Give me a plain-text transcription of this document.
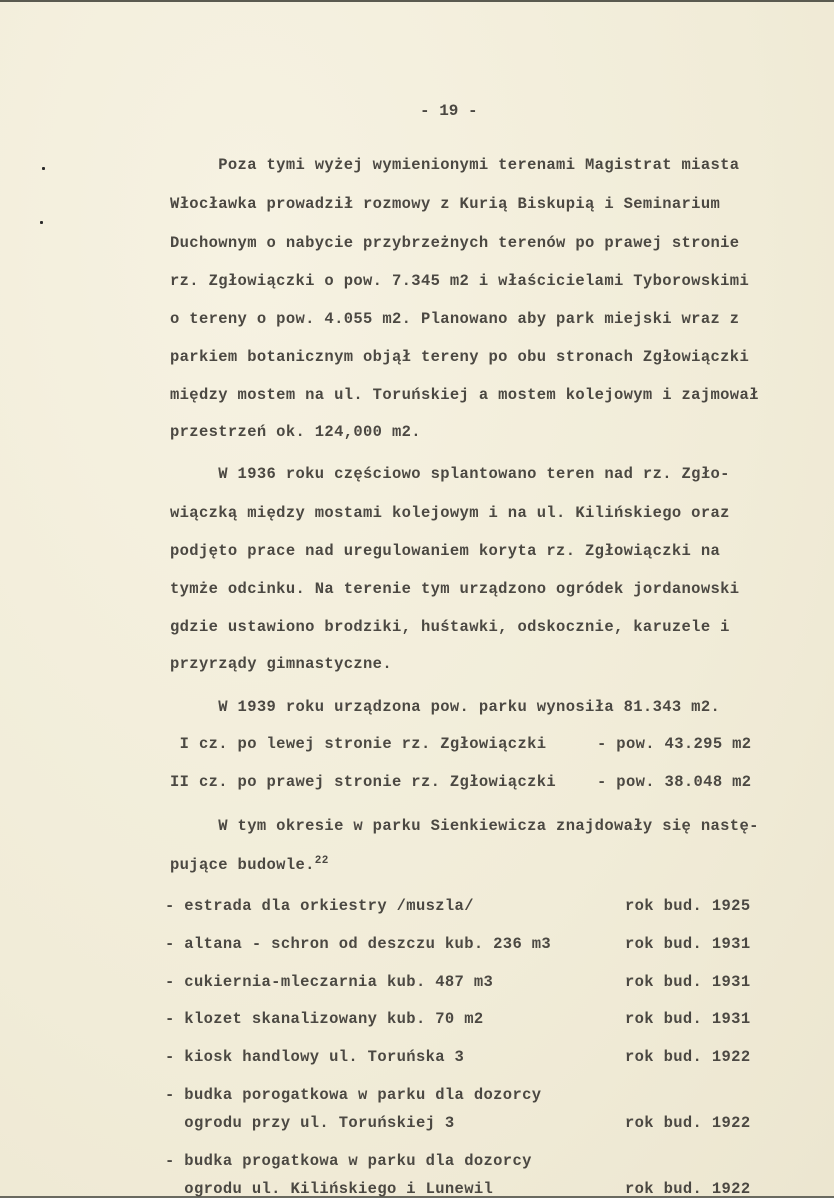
- 19 -
Poza tymi wyżej wymienionymi terenami Magistrat miasta
Włocławka prowadził rozmowy z Kurią Biskupią i Seminarium
Duchownym o nabycie przybrzeżnych terenów po prawej stronie
rz. Zgłowiączki o pow. 7.345 m2 i właścicielami Tyborowskimi
o tereny o pow. 4.055 m2. Planowano aby park miejski wraz z
parkiem botanicznym objął tereny po obu stronach Zgłowiączki
między mostem na ul. Toruńskiej a mostem kolejowym i zajmował
przestrzeń ok. 124,000 m2.
W 1936 roku częściowo splantowano teren nad rz. Zgło-
wiączką między mostami kolejowym i na ul. Kilińskiego oraz
podjęto prace nad uregulowaniem koryta rz. Zgłowiączki na
tymże odcinku. Na terenie tym urządzono ogródek jordanowski
gdzie ustawiono brodziki, huśtawki, odskocznie, karuzele i
przyrządy gimnastyczne.
W 1939 roku urządzona pow. parku wynosiła 81.343 m2.
I cz. po lewej stronie rz. Zgłowiączki	- pow. 43.295 m2
II cz. po prawej stronie rz. Zgłowiączki	- pow. 38.048 m2
W tym okresie w parku Sienkiewicza znajdowały się nastę-
pujące budowle.$^{22}$
- estrada dla orkiestry /muszla/	rok bud. 1925
- altana - schron od deszczu kub. 236 m3	rok bud. 1931
- cukiernia-mleczarnia kub. 487 m3	rok bud. 1931
- klozet skanalizowany kub. 70 m2	rok bud. 1931
- kiosk handlowy ul. Toruńska 3	rok bud. 1922
- budka porogatkowa w parku dla dozorcy
ogrodu przy ul. Toruńskiej 3	rok bud. 1922
- budka progatkowa w parku dla dozorcy
ogrodu ul. Kilińskiego i Lunewil	rok bud. 1922
